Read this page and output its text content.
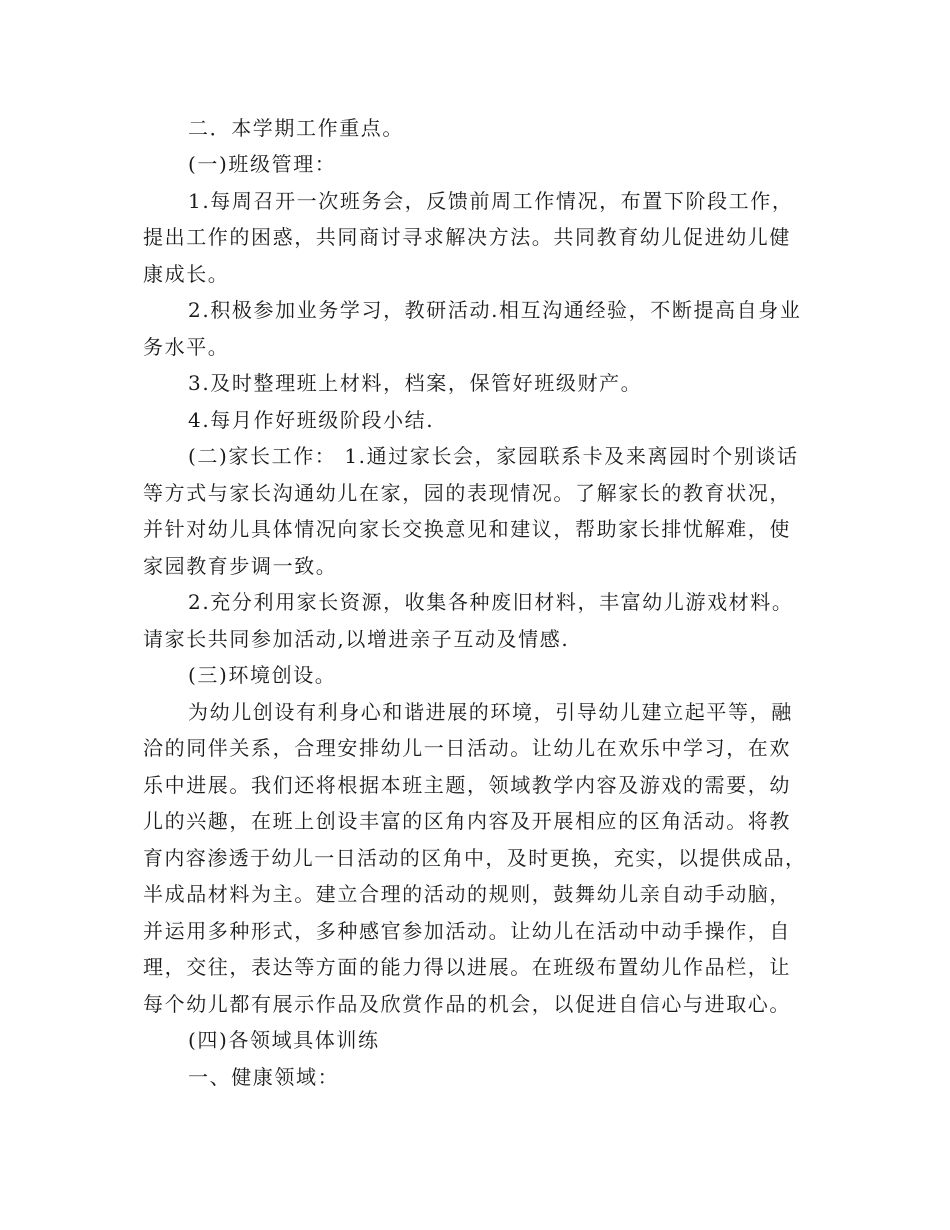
二．本学期工作重点。
(一)班级管理：
1.每周召开一次班务会，反馈前周工作情况，布置下阶段工作，
提出工作的困惑，共同商讨寻求解决方法。共同教育幼儿促进幼儿健
康成长。
2.积极参加业务学习，教研活动.相互沟通经验，不断提高自身业
务水平。
3.及时整理班上材料，档案，保管好班级财产。
4.每月作好班级阶段小结.
(二)家长工作： 1.通过家长会，家园联系卡及来离园时个别谈话
等方式与家长沟通幼儿在家，园的表现情况。了解家长的教育状况，
并针对幼儿具体情况向家长交换意见和建议，帮助家长排忧解难，使
家园教育步调一致。
2.充分利用家长资源，收集各种废旧材料，丰富幼儿游戏材料。
请家长共同参加活动,以增进亲子互动及情感.
(三)环境创设。
为幼儿创设有利身心和谐进展的环境，引导幼儿建立起平等，融
洽的同伴关系，合理安排幼儿一日活动。让幼儿在欢乐中学习，在欢
乐中进展。我们还将根据本班主题，领域教学内容及游戏的需要，幼
儿的兴趣，在班上创设丰富的区角内容及开展相应的区角活动。将教
育内容渗透于幼儿一日活动的区角中，及时更换，充实，以提供成品，
半成品材料为主。建立合理的活动的规则，鼓舞幼儿亲自动手动脑，
并运用多种形式，多种感官参加活动。让幼儿在活动中动手操作，自
理，交往，表达等方面的能力得以进展。在班级布置幼儿作品栏，让
每个幼儿都有展示作品及欣赏作品的机会，以促进自信心与进取心。
(四)各领域具体训练
一、健康领域：
